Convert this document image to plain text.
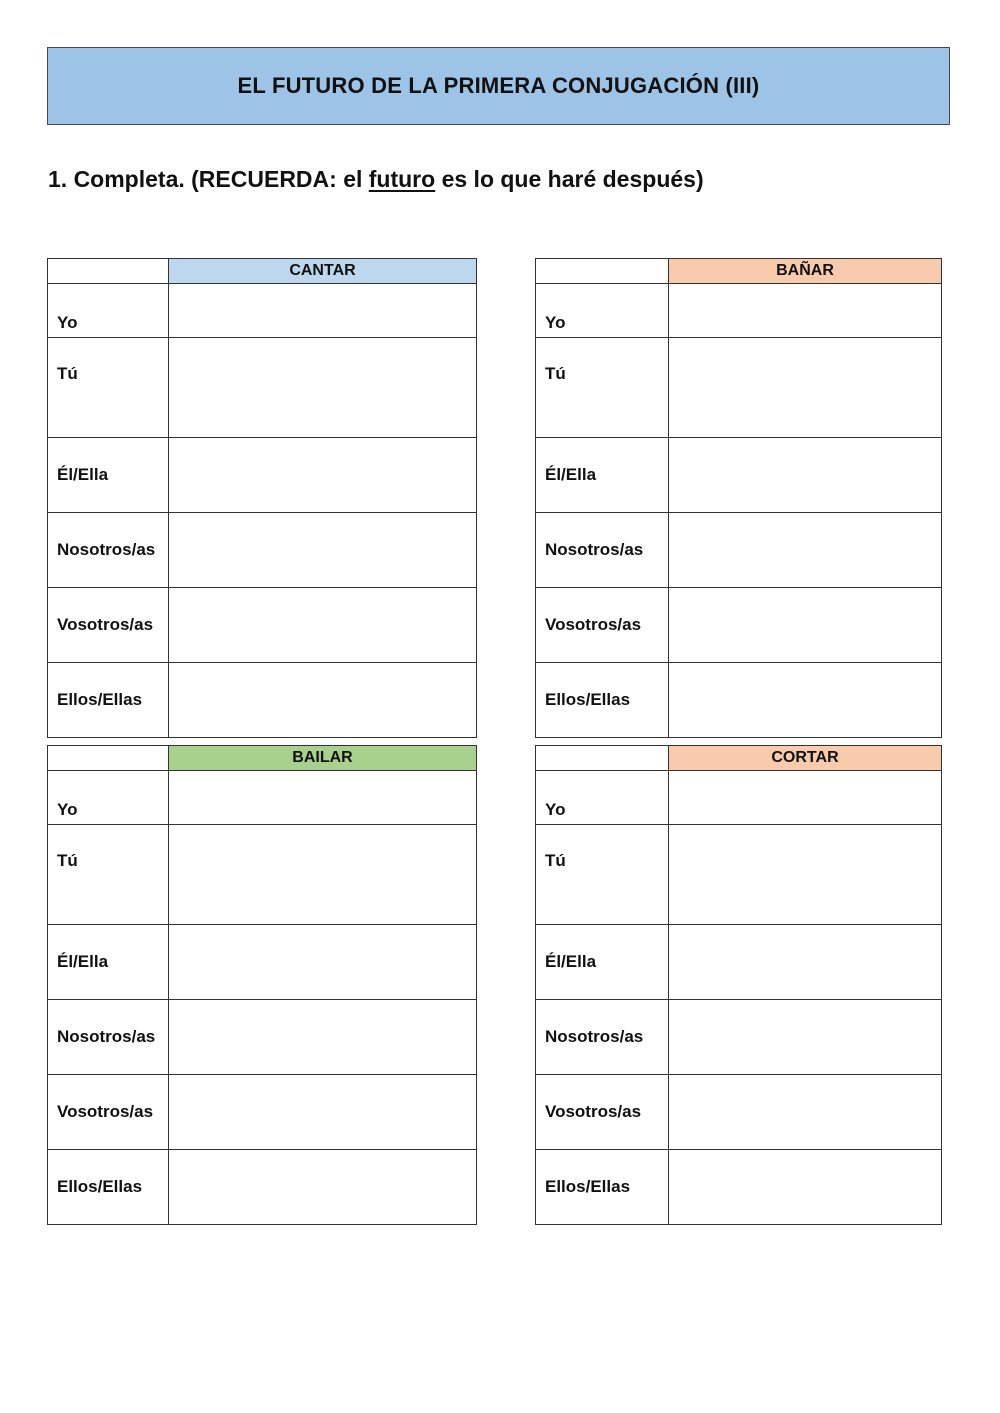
EL FUTURO DE LA PRIMERA CONJUGACIÓN (III)
1. Completa. (RECUERDA: el futuro es lo que haré después)
	CANTAR
Yo	
Tú	
Él/Ella	
Nosotros/as	
Vosotros/as	
Ellos/Ellas	
	BAÑAR
Yo	
Tú	
Él/Ella	
Nosotros/as	
Vosotros/as	
Ellos/Ellas	
	BAILAR
Yo	
Tú	
Él/Ella	
Nosotros/as	
Vosotros/as	
Ellos/Ellas	
	CORTAR
Yo	
Tú	
Él/Ella	
Nosotros/as	
Vosotros/as	
Ellos/Ellas	
